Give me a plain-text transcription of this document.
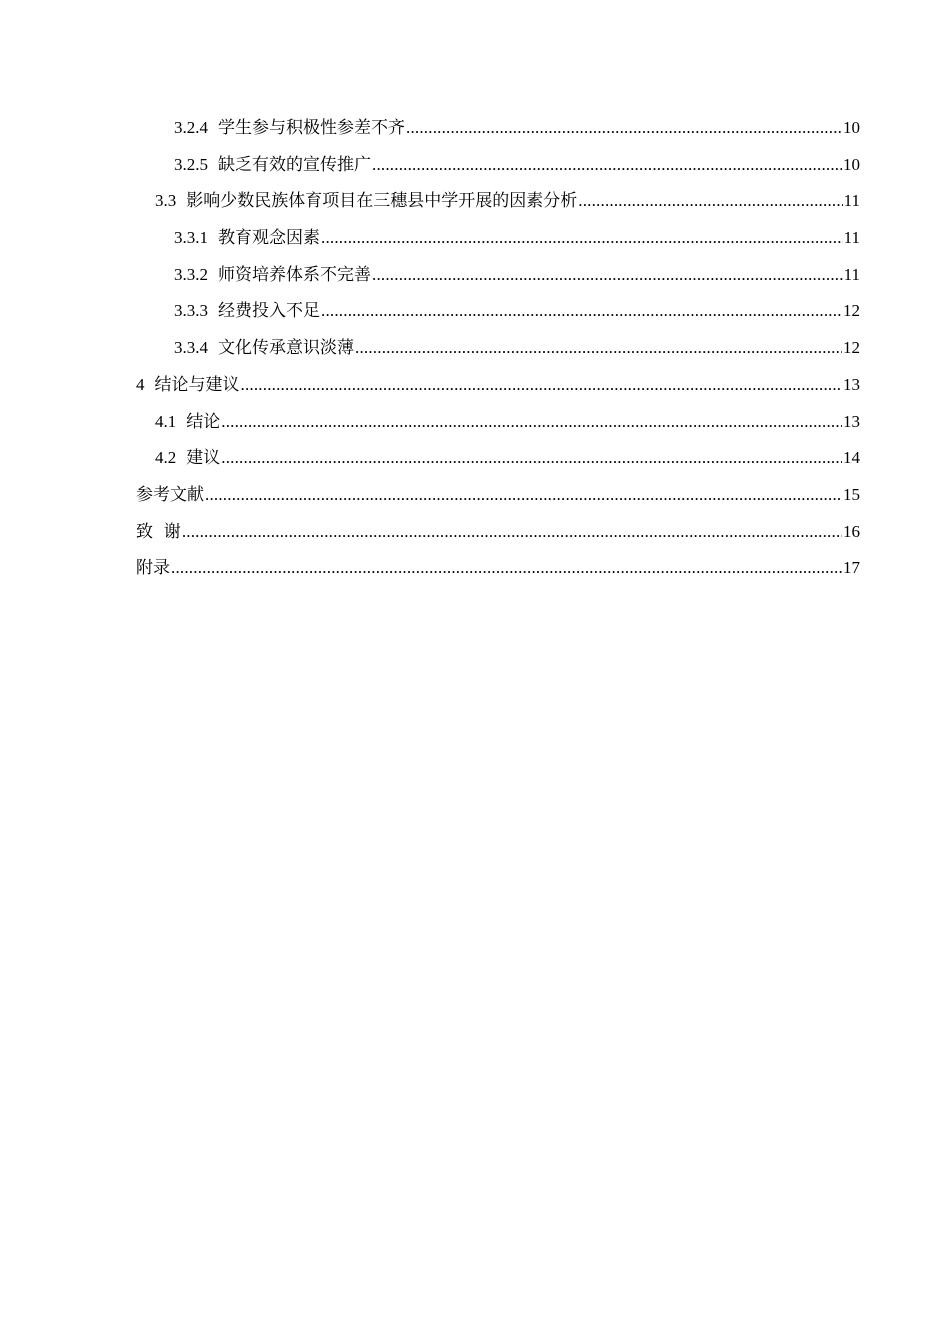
3.2.4 学生参与积极性参差不齐 .....	10
3.2.5 缺乏有效的宣传推广 .....	10
3.3 影响少数民族体育项目在三穗县中学开展的因素分析 .....	11
3.3.1 教育观念因素 .....	11
3.3.2 师资培养体系不完善 .....	11
3.3.3 经费投入不足 .....	12
3.3.4 文化传承意识淡薄 .....	12
4 结论与建议 .....	13
4.1 结论 .....	13
4.2 建议 .....	14
参考文献 .....	15
致  谢 .....	16
附录 .....	17
